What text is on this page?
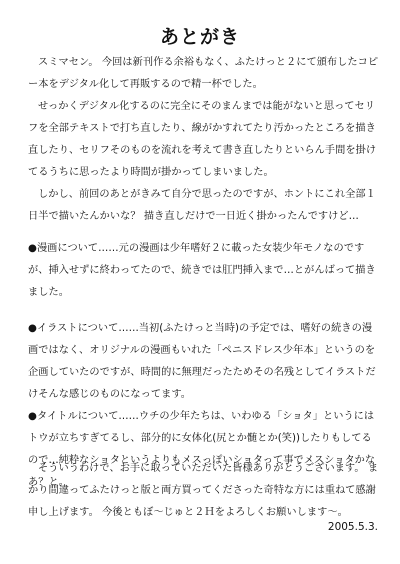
あとがき

スミマセン。 今回は新刊作る余裕もなく、ふたけっと２にて頒布したコピー本をデジタル化して再販するので精一杯でした。

せっかくデジタル化するのに完全にそのまんまでは能がないと思ってセリフを全部テキストで打ち直したり、線がかすれてたり汚かったところを描き直したり、セリフそのものを流れを考えて書き直したりといらん手間を掛けてるうちに思ったより時間が掛かってしまいました。

しかし、前回のあとがきみて自分で思ったのですが、ホントにこれ全部１日半で描いたんかいな？ 描き直しだけで一日近く掛かったんですけど…

●漫画について……元の漫画は少年嗜好２に載った女装少年モノなのですが、挿入せずに終わってたので、続きでは肛門挿入まで…とがんばって描きました。

●イラストについて……当初(ふたけっと当時)の予定では、嗜好の続きの漫画ではなく、オリジナルの漫画もいれた「ペニスドレス少年本」というのを企画していたのですが、時間的に無理だったためその名残としてイラストだけそんな感じのものになってます。

●タイトルについて……ウチの少年たちは、いわゆる「ショタ」というにはトウが立ちすぎてるし、部分的に女体化(尻とか髄とか(笑))したりもしてるので…純粋なショタというよりもメスっぽいショタって事でメスショタかなあ？と。

そういうわけで、お手に取っていただいた皆様ありがとうございます。 まかり間違ってふたけっと版と両方買ってくださった奇特な方には重ねて感謝申し上げます。 今後ともぼ～じゅと２Ｈをよろしくお願いします～。

2005.5.3.
